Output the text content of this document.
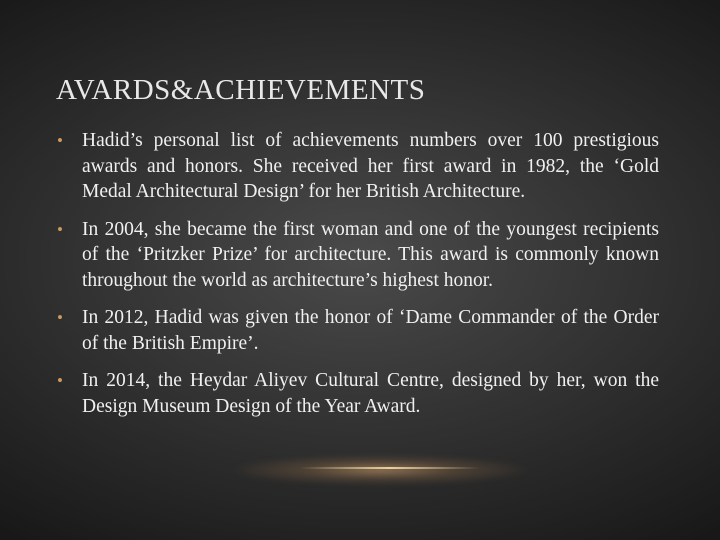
AVARDS&ACHIEVEMENTS
• Hadid’s personal list of achievements numbers over 100 prestigious awards and honors. She received her first award in 1982, the ‘Gold Medal Architectural Design’ for her British Architecture.
• In 2004, she became the first woman and one of the youngest recipients of the ‘Pritzker Prize’ for architecture. This award is commonly known throughout the world as architecture’s highest honor.
• In 2012, Hadid was given the honor of ‘Dame Commander of the Order of the British Empire’.
• In 2014, the Heydar Aliyev Cultural Centre, designed by her, won the Design Museum Design of the Year Award.
